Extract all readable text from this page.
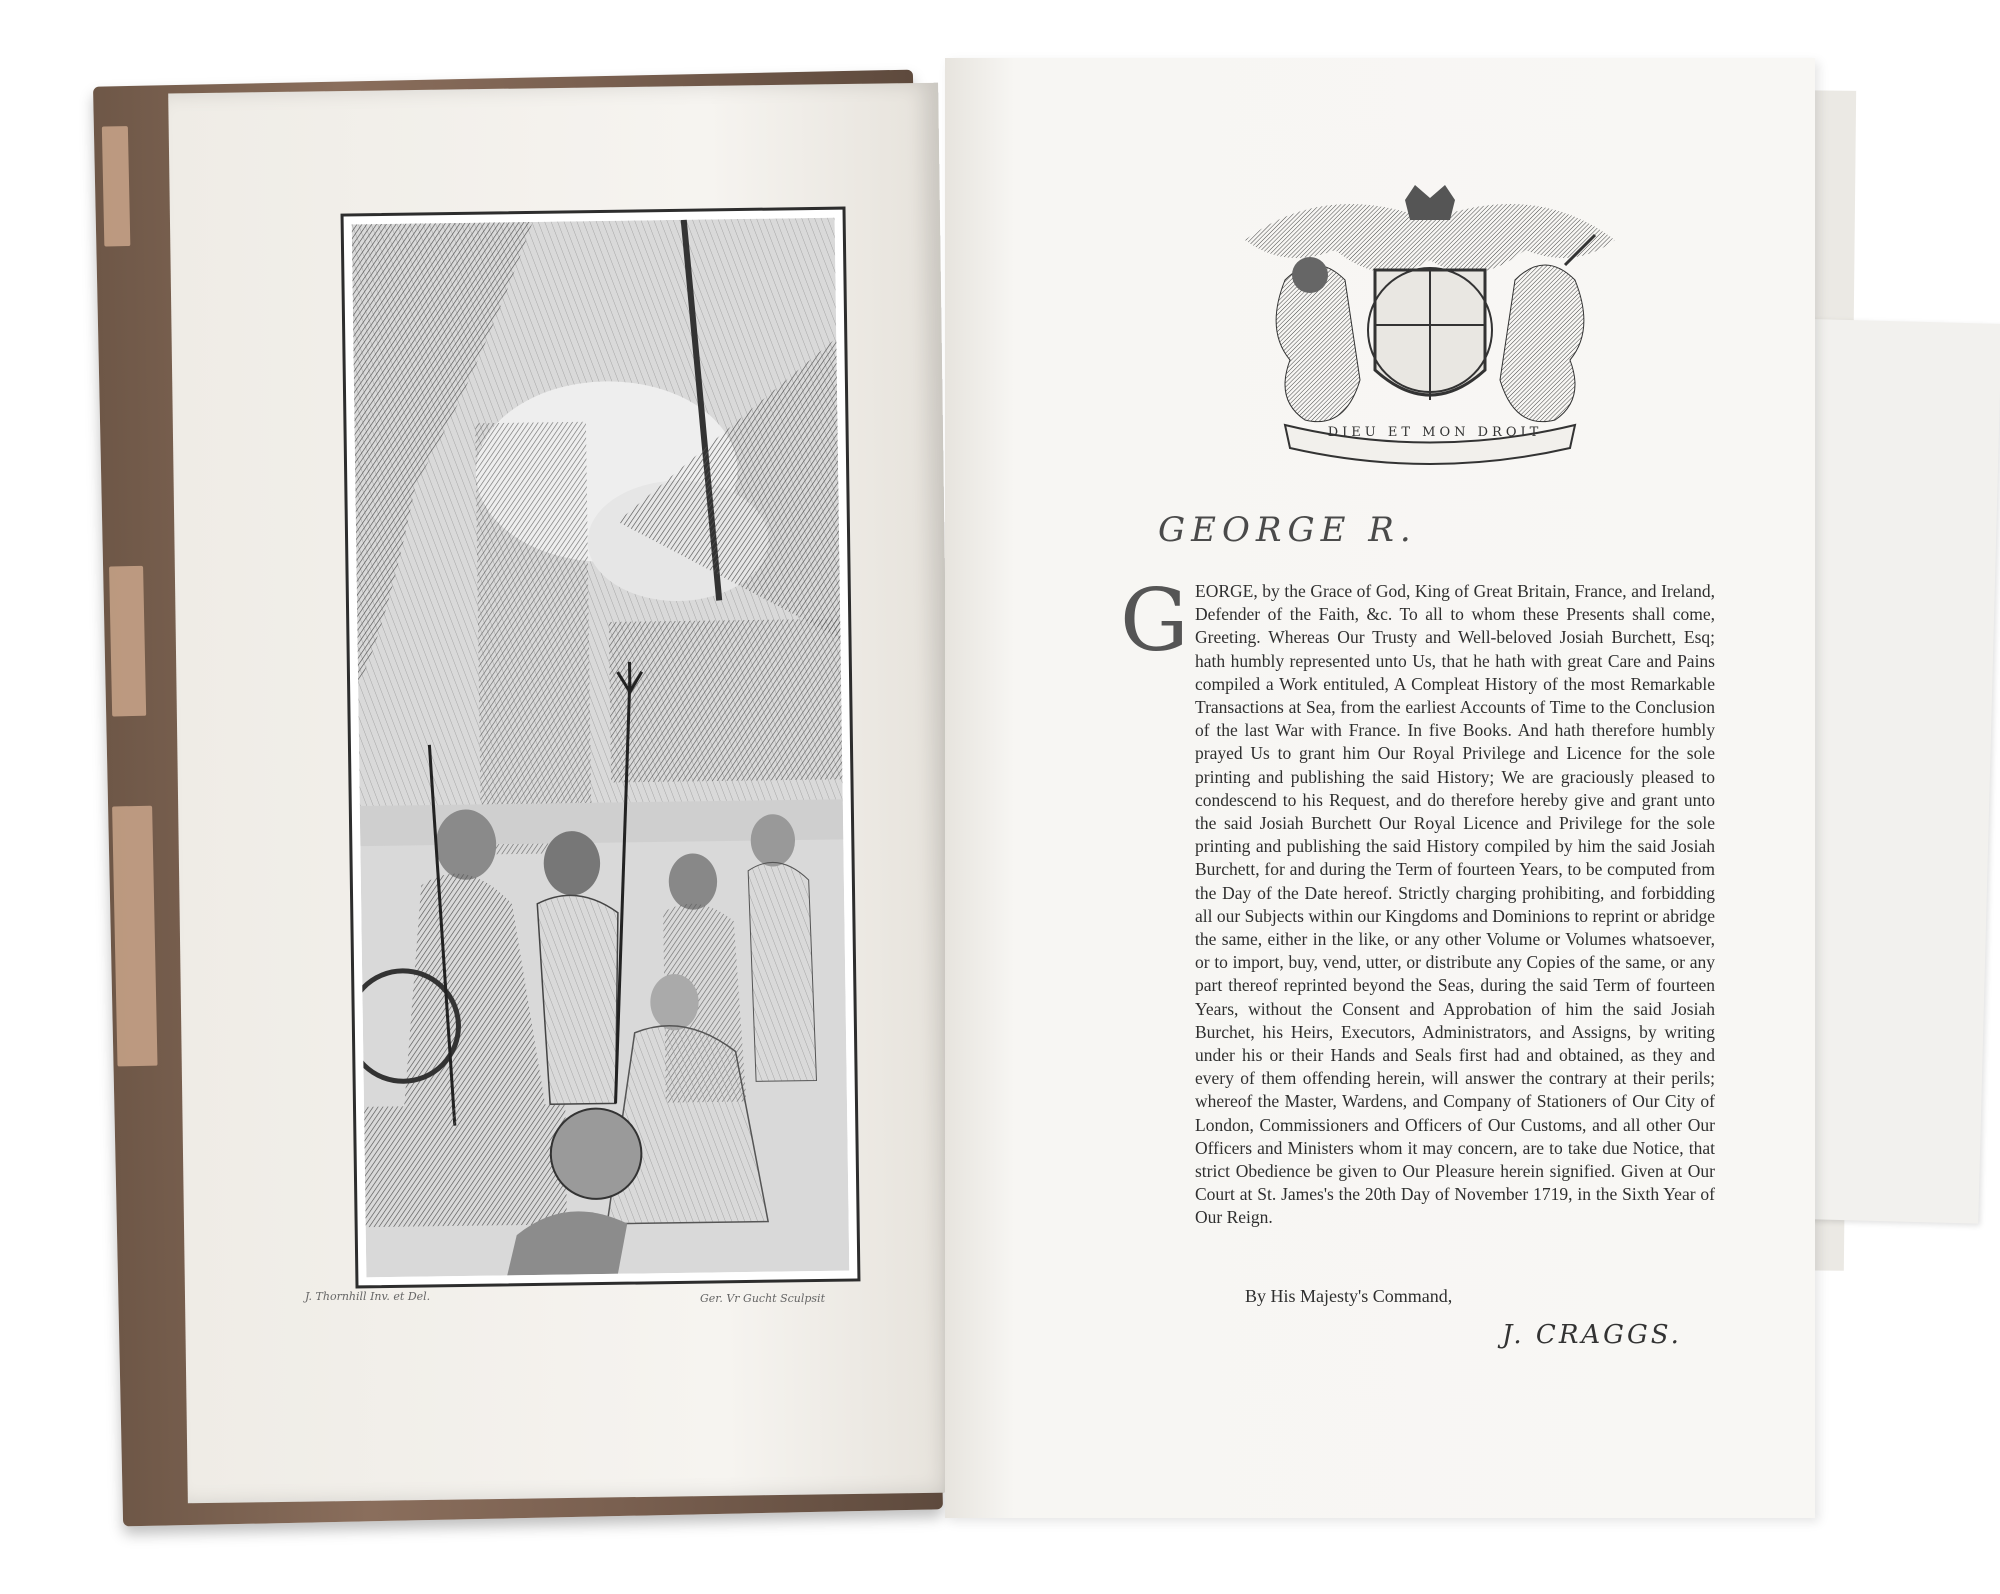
J. Thornhill Inv. et Del.	Ger. Vr Gucht Sculpsit
DIEU ET MON DROIT
GEORGE R.
G EORGE, by the Grace of God, King of Great Britain, France, and Ireland, Defender of the Faith, &c. To all to whom these Presents shall come, Greeting. Whereas Our Trusty and Well-beloved Josiah Burchett, Esq; hath humbly represented unto Us, that he hath with great Care and Pains compiled a Work entituled, A Compleat History of the most Remarkable Transactions at Sea, from the earliest Accounts of Time to the Conclusion of the last War with France. In five Books. And hath therefore humbly prayed Us to grant him Our Royal Privilege and Licence for the sole printing and publishing the said History; We are graciously pleased to condescend to his Request, and do therefore hereby give and grant unto the said Josiah Burchett Our Royal Licence and Privilege for the sole printing and publishing the said History compiled by him the said Josiah Burchett, for and during the Term of fourteen Years, to be computed from the Day of the Date hereof. Strictly charging prohibiting, and forbidding all our Subjects within our Kingdoms and Dominions to reprint or abridge the same, either in the like, or any other Volume or Volumes whatsoever, or to import, buy, vend, utter, or distribute any Copies of the same, or any part thereof reprinted beyond the Seas, during the said Term of fourteen Years, without the Consent and Approbation of him the said Josiah Burchet, his Heirs, Executors, Administrators, and Assigns, by writing under his or their Hands and Seals first had and obtained, as they and every of them offending herein, will answer the contrary at their perils; whereof the Master, Wardens, and Company of Stationers of Our City of London, Commissioners and Officers of Our Customs, and all other Our Officers and Ministers whom it may concern, are to take due Notice, that strict Obedience be given to Our Pleasure herein signified. Given at Our Court at St. James's the 20th Day of November 1719, in the Sixth Year of Our Reign.

By His Majesty's Command,
J. CRAGGS.
